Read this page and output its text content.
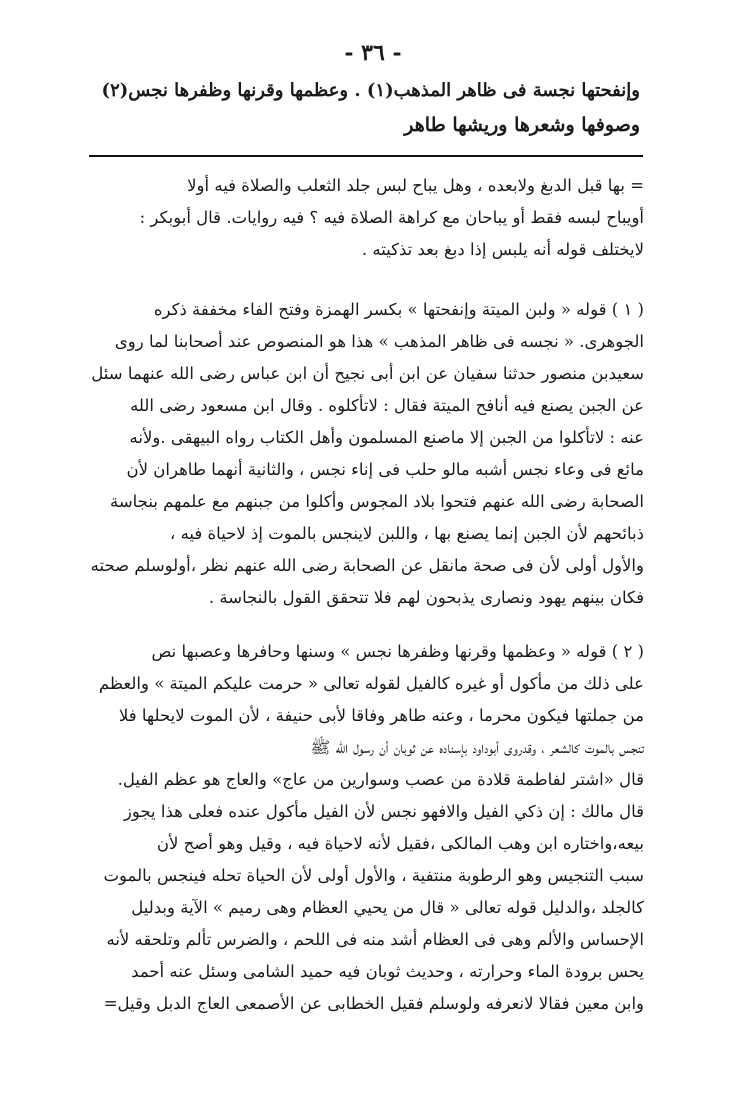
- ٣٦ -
وإنفحتها نجسة فى ظاهر المذهب(١) . وعظمها وقرنها وظفرها نجس(٢)
وصوفها وشعرها وريشها طاهر
= بها قبل الدبغ ولابعده ، وهل يباح لبس جلد الثعلب والصلاة فيه أولا
أويباح لبسه فقط أو يباحان مع كراهة الصلاة فيه ؟ فيه روايات. قال أبوبكر :
لايختلف قوله أنه يلبس إذا دبغ بعد تذكيته .
( ١ ) قوله « ولبن الميتة وإنفحتها » بكسر الهمزة وفتح الفاء مخففة ذكره
الجوهرى. « نجسه فى ظاهر المذهب » هذا هو المنصوص عند أصحابنا لما روى
سعيدبن منصور حدثنا سفيان عن ابن أبى نجيح أن ابن عباس رضى الله عنهما سئل
عن الجبن يصنع فيه أنافح الميتة فقال : لاتأكلوه . وقال ابن مسعود رضى الله
عنه : لاتأكلوا من الجبن إلا ماصنع المسلمون وأهل الكتاب رواه البيهقى .ولأنه
مائع فى وعاء نجس أشبه مالو حلب فى إناء نجس ، والثانية أنهما طاهران لأن
الصحابة رضى الله عنهم فتحوا بلاد المجوس وأكلوا من جبنهم مع علمهم بنجاسة
ذبائحهم لأن الجبن إنما يصنع بها ، واللبن لاينجس بالموت إذ لاحياة فيه ،
والأول أولى لأن فى صحة مانقل عن الصحابة رضى الله عنهم نظر ،أولوسلم صحته
فكان بينهم يهود ونصارى يذبحون لهم فلا تتحقق القول بالنجاسة .
( ٢ ) قوله « وعظمها وقرنها وظفرها نجس » وسنها وحافرها وعصبها نص
على ذلك من مأكول أو غيره كالفيل لقوله تعالى « حرمت عليكم الميتة » والعظم
من جملتها فيكون محرما ، وعنه طاهر وفاقا لأبى حنيفة ، لأن الموت لايحلها فلا
تنجس بالموت كالشعر ، وقدروى أبوداود بإسناده عن ثوبان أن رسول الله ﷺ
قال «اشتر لفاطمة قلادة من عصب وسوارين من عاج» والعاج هو عظم الفيل.
قال مالك : إن ذكي الفيل والافهو نجس لأن الفيل مأكول عنده فعلى هذا يجوز
بيعه،واختاره ابن وهب المالكى ،فقيل لأنه لاحياة فيه ، وقيل وهو أصح لأن
سبب التنجيس وهو الرطوبة منتفية ، والأول أولى لأن الحياة تحله فينجس بالموت
كالجلد ،والدليل قوله تعالى « قال من يحيي العظام وهى رميم » الآية وبدليل
الإحساس والألم وهى فى العظام أشد منه فى اللحم ، والضرس تألم وتلحقه لأنه
يحس برودة الماء وحرارته ، وحديث ثوبان فيه حميد الشامى وسئل عنه أحمد
وابن معين فقالا لانعرفه ولوسلم فقيل الخطابى عن الأصمعى العاج الدبل وقيل=
